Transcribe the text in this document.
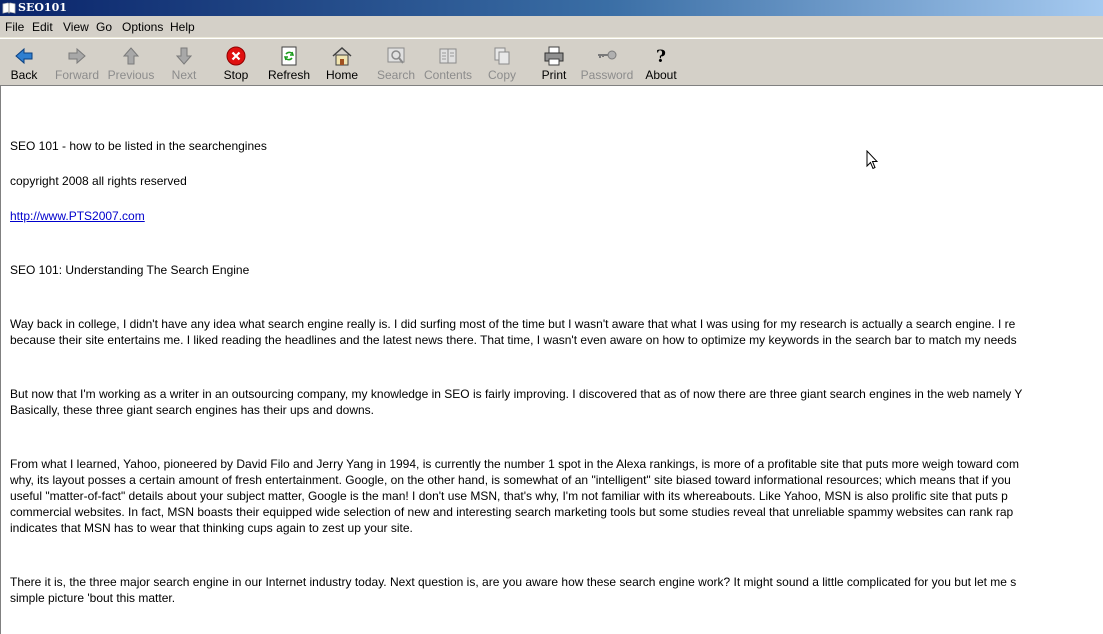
SEO101
File Edit View Go Options Help
Back	Forward Previous	Next	Stop	Refresh	Home	Search Contents	Copy	Print	Password
?
About
SEO 101 - how to be listed in the searchengines
copyright 2008 all rights reserved
http://www.PTS2007.com
SEO 101: Understanding The Search Engine
Way back in college, I didn't have any idea what search engine really is. I did surfing most of the time but I wasn't aware that what I was using for my research is actually a search engine. I re
because their site entertains me. I liked reading the headlines and the latest news there. That time, I wasn't even aware on how to optimize my keywords in the search bar to match my needs
But now that I'm working as a writer in an outsourcing company, my knowledge in SEO is fairly improving. I discovered that as of now there are three giant search engines in the web namely Y
Basically, these three giant search engines has their ups and downs.
From what I learned, Yahoo, pioneered by David Filo and Jerry Yang in 1994, is currently the number 1 spot in the Alexa rankings, is more of a profitable site that puts more weigh toward com
why, its layout posses a certain amount of fresh entertainment. Google, on the other hand, is somewhat of an "intelligent" site biased toward informational resources; which means that if you
useful "matter-of-fact" details about your subject matter, Google is the man! I don't use MSN, that's why, I'm not familiar with its whereabouts. Like Yahoo, MSN is also prolific site that puts p
commercial websites. In fact, MSN boasts their equipped wide selection of new and interesting search marketing tools but some studies reveal that unreliable spammy websites can rank rap
indicates that MSN has to wear that thinking cups again to zest up your site.
There it is, the three major search engine in our Internet industry today. Next question is, are you aware how these search engine work? It might sound a little complicated for you but let me s
simple picture 'bout this matter.
